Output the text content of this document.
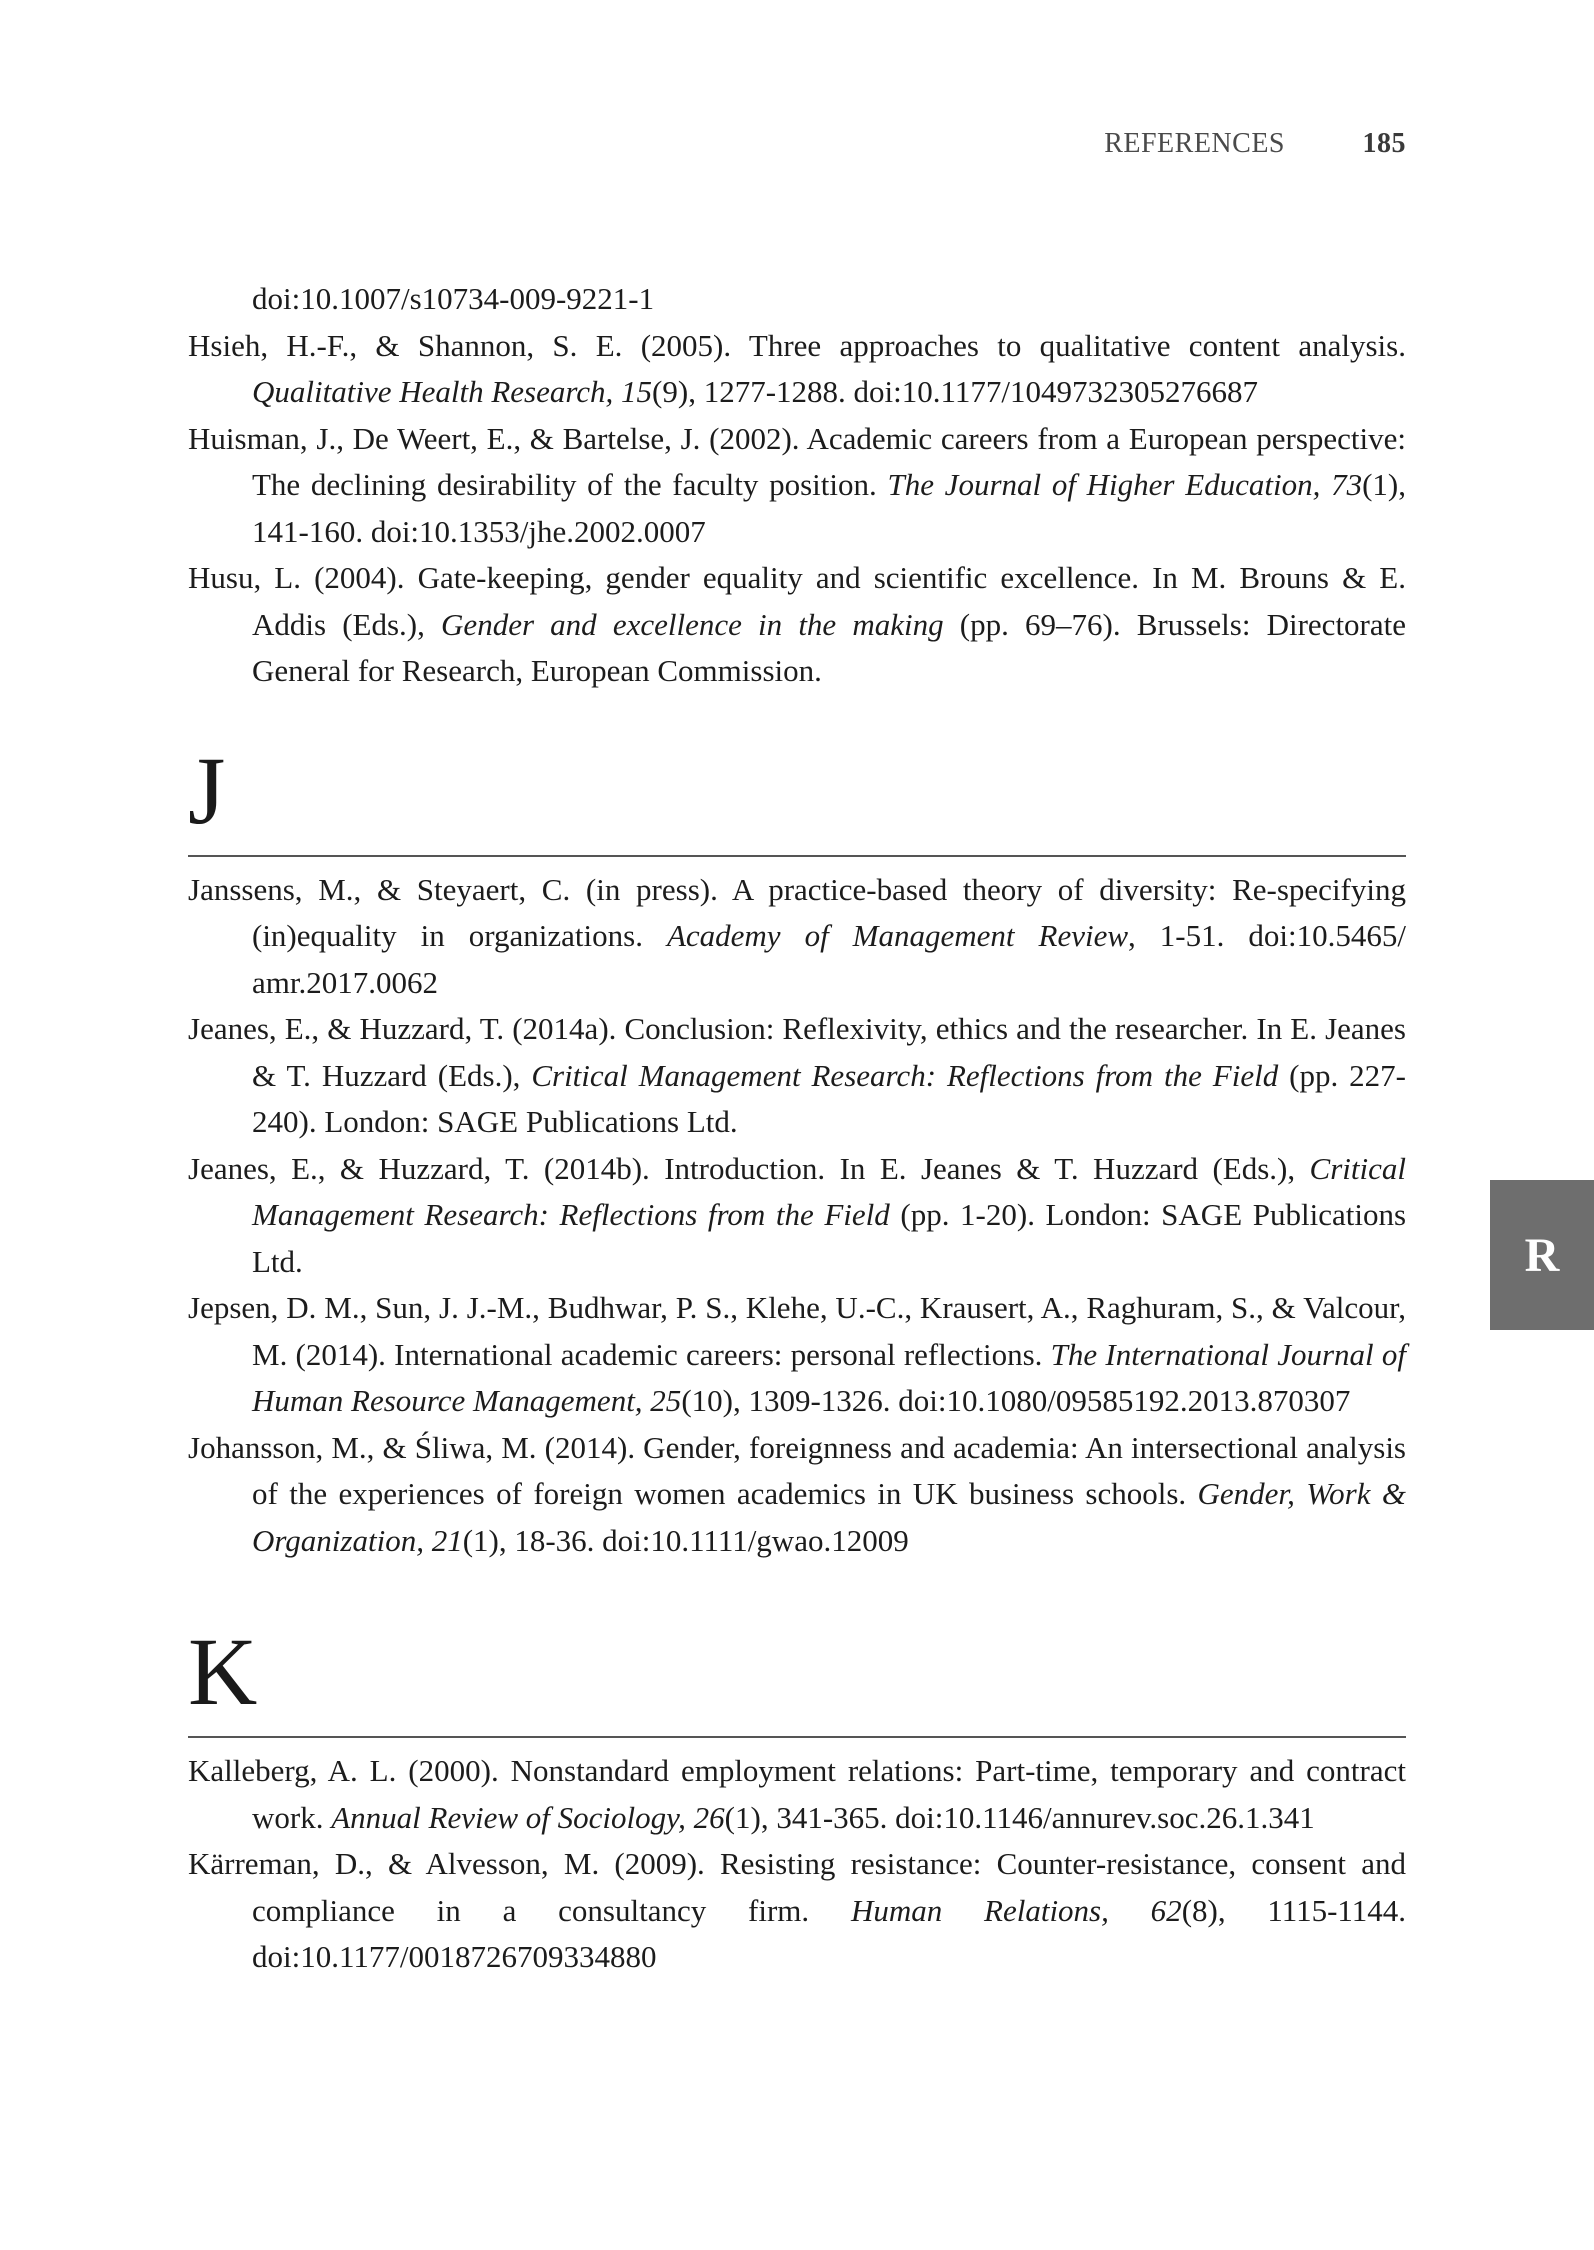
REFERENCES	185

doi:10.1007/s10734-009-9221-1

Hsieh, H.-F., & Shannon, S. E. (2005). Three approaches to qualitative content analysis. Qualitative Health Research, 15(9), 1277-1288. doi:10.1177/1049732305276687

Huisman, J., De Weert, E., & Bartelse, J. (2002). Academic careers from a European perspective: The declining desirability of the faculty position. The Journal of Higher Education, 73(1), 141-160. doi:10.1353/jhe.2002.0007

Husu, L. (2004). Gate-keeping, gender equality and scientific excellence. In M. Brouns & E. Addis (Eds.), Gender and excellence in the making (pp. 69–76). Brussels: Directorate General for Research, European Commission.

J

Janssens, M., & Steyaert, C. (in press). A practice-based theory of diversity: Re-specifying (in)equality in organizations. Academy of Management Review, 1-51. doi:10.5465/ amr.2017.0062

Jeanes, E., & Huzzard, T. (2014a). Conclusion: Reflexivity, ethics and the researcher. In E. Jeanes & T. Huzzard (Eds.), Critical Management Research: Reflections from the Field (pp. 227-240). London: SAGE Publications Ltd.

Jeanes, E., & Huzzard, T. (2014b). Introduction. In E. Jeanes & T. Huzzard (Eds.), Critical Management Research: Reflections from the Field (pp. 1-20). London: SAGE Publications Ltd.

Jepsen, D. M., Sun, J. J.-M., Budhwar, P. S., Klehe, U.-C., Krausert, A., Raghuram, S., & Valcour, M. (2014). International academic careers: personal reflections. The International Journal of Human Resource Management, 25(10), 1309-1326. doi:10.1080/09585192.2013.870307

Johansson, M., & Śliwa, M. (2014). Gender, foreignness and academia: An intersectional analysis of the experiences of foreign women academics in UK business schools. Gender, Work & Organization, 21(1), 18-36. doi:10.1111/gwao.12009

K

Kalleberg, A. L. (2000). Nonstandard employment relations: Part-time, temporary and contract work. Annual Review of Sociology, 26(1), 341-365. doi:10.1146/annurev.soc.26.1.341

Kärreman, D., & Alvesson, M. (2009). Resisting resistance: Counter-resistance, consent and compliance in a consultancy firm. Human Relations, 62(8), 1115-1144. doi:10.1177/0018726709334880

R
